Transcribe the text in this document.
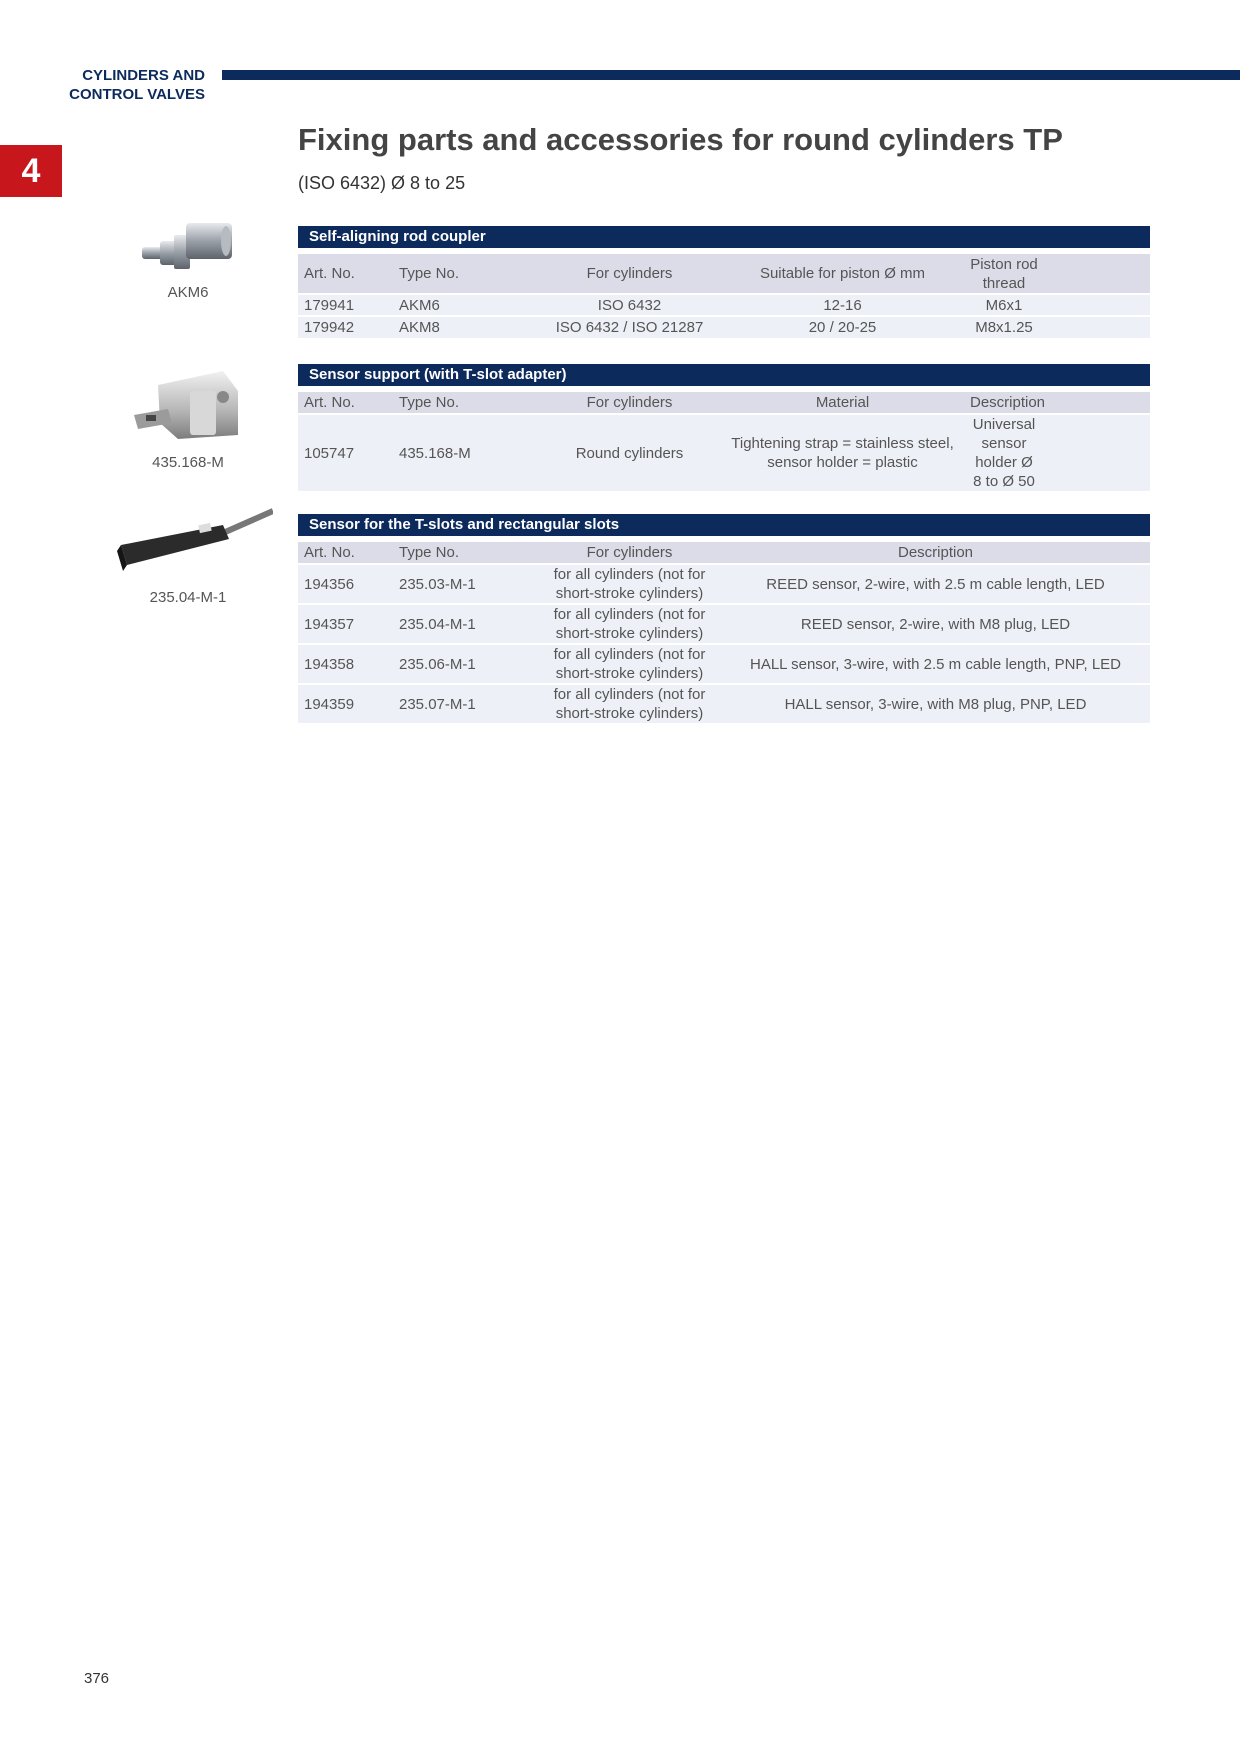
CYLINDERS AND
CONTROL VALVES
4
Fixing parts and accessories for round cylinders TP
(ISO 6432) Ø 8 to 25
AKM6
435.168-M
235.04-M-1
Self-aligning rod coupler
Art. No.	Type No.	For cylinders	Suitable for piston Ø mm	Piston rod thread	
179941	AKM6	ISO 6432	12-16	M6x1	
179942	AKM8	ISO 6432 / ISO 21287	20 / 20-25	M8x1.25	
Sensor support (with T-slot adapter)
Art. No.	Type No.	For cylinders	Material	Description	
105747	435.168-M	Round cylinders	Tightening strap = stainless steel, sensor holder = plastic	Universal sensor holder Ø 8 to Ø 50	
Sensor for the T-slots and rectangular slots
Art. No.	Type No.	For cylinders	Description
194356	235.03-M-1	for all cylinders (not for short-stroke cylinders)	REED sensor, 2-wire, with 2.5 m cable length, LED
194357	235.04-M-1	for all cylinders (not for short-stroke cylinders)	REED sensor, 2-wire, with M8 plug, LED
194358	235.06-M-1	for all cylinders (not for short-stroke cylinders)	HALL sensor, 3-wire, with 2.5 m cable length, PNP, LED
194359	235.07-M-1	for all cylinders (not for short-stroke cylinders)	HALL sensor, 3-wire, with M8 plug, PNP, LED
376
